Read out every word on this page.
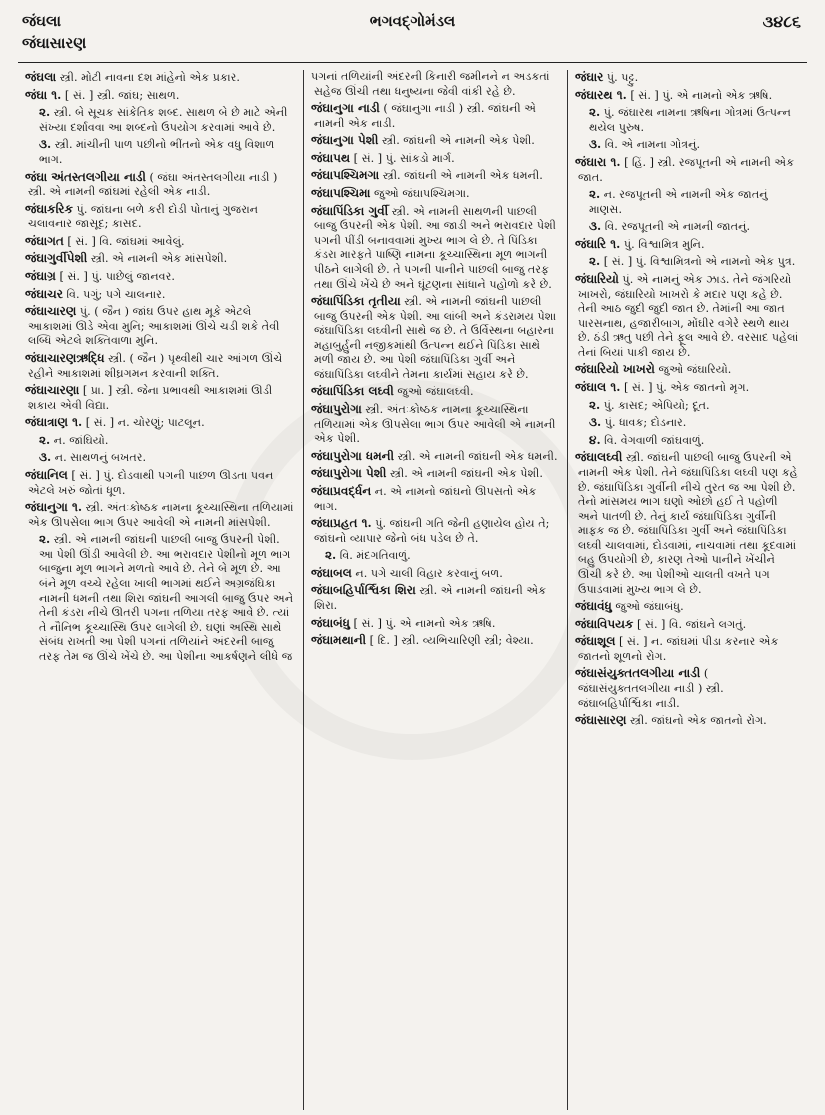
જંઘલા
જંઘાસારણ
ભગવદ્ગોમંડલ	૩૪૮૬
જંઘલા સ્ત્રી. મોટી નાવના દશ માંહેનો એક પ્રકાર.
જંઘા ૧. [ સં. ] સ્ત્રી. જાંઘ; સાથળ.
૨. સ્ત્રી. બે સૂચક સાંકેતિક શબ્દ. સાથળ બે છે માટે એની સંખ્યા દર્શાવવા આ શબ્દનો ઉપયોગ કરવામાં આવે છે.
૩. સ્ત્રી. માંચીની પાળ પછીનો ભીંતનો એક વધુ વિશાળ ભાગ.
જંઘા અંતસ્તલગીયા નાડી ( જંઘા અંતસ્તલગીયા નાડી ) સ્ત્રી. એ નામની જાંઘમાં રહેલી એક નાડી.
જંઘાકરિક પું. જાંઘના બળે કરી દોડી પોતાનું ગુજરાન ચલાવનાર જાસૂદ; કાસદ.
જંઘાગત [ સં. ] વિ. જાંઘમાં આવેલું.
જંઘાગુર્વીપેશી સ્ત્રી. એ નામની એક માંસપેશી.
જંઘાગ્ર [ સં. ] પું. પાછેલું જાનવર.
જંઘાચર વિ. પગું; પગે ચાલનાર.
જંઘાચારણ પું. ( જૈન ) જાંઘ ઉપર હાથ મૂકે એટલે આકાશમાં ઊડે એવા મુનિ; આકાશમાં ઊંચે ચડી શકે તેવી લબ્ધિ એટલે શક્તિવાળા મુનિ.
જંઘાચારણઋદ્ધિ સ્ત્રી. ( જૈન ) પૃથ્વીથી ચાર આંગળ ઊંચે રહીને આકાશમાં શીઘ્રગમન કરવાની શક્તિ.
જંઘાચારણા [ પ્રા. ] સ્ત્રી. જેના પ્રભાવથી આકાશમાં ઊડી શકાય એવી વિદ્યા.
જંઘાત્રાણ ૧. [ સં. ] ન. ચોરણું; પાટલૂન.
૨. ન. જાંઘિયો.
૩. ન. સાથળનું બખતર.
જંઘાનિલ [ સં. ] પું. દોડવાથી પગની પાછળ ઊડતા પવન એટલે ખરું જોતાં ધૂળ.
જંઘાનુગા ૧. સ્ત્રી. અંતઃકોષ્ઠક નામના કૂચ્ચાસ્થિના તળિયામાં એક ઊપસેલા ભાગ ઉપર આવેલી એ નામની માંસપેશી.
૨. સ્ત્રી. એ નામની જાંઘની પાછલી બાજુ ઉપરની પેશી. આ પેશી ઊંડી આવેલી છે. આ ભરાવદાર પેશીનો મૂળ ભાગ બાજુના મૂળ ભાગને મળતો આવે છે. તેને બે મૂળ છે. આ બંને મૂળ વચ્ચે રહેલા ખાલી ભાગમાં થઈને અગ્રજંઘિકા નામની ધમની તથા શિરા જાંઘની આગલી બાજુ ઉપર અને તેની કંડરા નીચે ઊતરી પગના તળિયા તરફ આવે છે. ત્યાં તે નૌનિભ કૂચ્ચાસ્થિ ઉપર લાગેલી છે. ઘણાં અસ્થિ સાથે સંબંધ રાખતી આ પેશી પગનાં તળિયાંને અંદરની બાજુ તરફ તેમ જ ઊંચે ખેંચે છે. આ પેશીના આકર્ષણને લીધે જ
પગનાં તળિયાંની અંદરની કિનારી જમીનને ન અડકતાં સહેજ ઊંચી તથા ધનુષ્યના જેવી વાંકી રહે છે.
જંઘાનુગા નાડી ( જંઘાનુગા નાડી ) સ્ત્રી. જાંઘની એ નામની એક નાડી.
જંઘાનુગા પેશી સ્ત્રી. જાંઘની એ નામની એક પેશી.
જંઘાપથ [ સં. ] પું. સાંકડો માર્ગ.
જંઘાપશ્ચિમગા સ્ત્રી. જાંઘની એ નામની એક ધમની.
જંઘાપશ્ચિમા જુઓ જંઘાપશ્ચિમગા.
જંઘાપિંડિકા ગુર્વી સ્ત્રી. એ નામની સાથળની પાછલી બાજુ ઉપરની એક પેશી. આ જાડી અને ભરાવદાર પેશી પગની પીંડી બનાવવામાં મુખ્ય ભાગ લે છે. તે પિંડિકા કંડરા મારફતે પાષ્ણિ નામના કૂચ્ચાસ્થિના મૂળ ભાગની પીઠને લાગેલી છે. તે પગની પાનીને પાછલી બાજુ તરફ તથા ઊંચે ખેંચે છે અને ઘૂંટણના સાંધાને પહોળો કરે છે.
જંઘાપિંડિકા તૃતીયા સ્ત્રી. એ નામની જાંઘની પાછલી બાજુ ઉપરની એક પેશી. આ લાંબી અને કંડરામય પેશા જંઘાપિંડિકા લઘ્વીની સાથે જ છે. તે ઉર્વિસ્થના બહારના મહાબુર્હુની નજીકમાંથી ઉત્પન્ન થઈને પિંડિકા સાથે મળી જાય છે. આ પેશી જંઘાપિંડિકા ગુર્વી અને જંઘાપિંડિકા લઘ્વીને તેમના કાર્યમાં સહાય કરે છે.
જંઘાપિંડિકા લઘ્વી જુઓ જંઘાલઘ્વી.
જંઘાપુરોગા સ્ત્રી. અંતઃકોષ્ઠક નામના કૂચ્ચાસ્થિના તળિયામાં એક ઊપસેલા ભાગ ઉપર આવેલી એ નામની એક પેશી.
જંઘાપુરોગા ધમની સ્ત્રી. એ નામની જાંઘની એક ધમની.
જંઘાપુરોગા પેશી સ્ત્રી. એ નામની જાંઘની એક પેશી.
જંઘાપ્રવર્દ્ધન ન. એ નામનો જાંઘનો ઊપસતો એક ભાગ.
જંઘાપ્રહત ૧. પું. જાંઘની ગતિ જેની હણાયેલ હોય તે; જાંઘનો વ્યાપાર જેનો બંધ પડેલ છે તે.
૨. વિ. મંદગતિવાળું.
જંઘાબલ ન. પગે ચાલી વિહાર કરવાનું બળ.
જંઘાબહિર્પાર્શ્વિકા શિરા સ્ત્રી. એ નામની જાંઘની એક શિરા.
જંઘાબંધુ [ સં. ] પું. એ નામનો એક ઋષિ.
જંઘામથાની [ દિ. ] સ્ત્રી. વ્યભિચારિણી સ્ત્રી; વેશ્યા.
જંઘાર પું. પટ્ટુ.
જંઘારથ ૧. [ સં. ] પું. એ નામનો એક ઋષિ.
૨. પું. જંઘારથ નામના ઋષિના ગોત્રમાં ઉત્પન્ન થયેલ પુરુષ.
૩. વિ. એ નામના ગોત્રનું.
જંઘારા ૧. [ હિં. ] સ્ત્રી. રજપૂતની એ નામની એક જાત.
૨. ન. રજપૂતની એ નામની એક જાતનું માણસ.
૩. વિ. રજપૂતની એ નામની જાતનું.
જંઘારિ ૧. પું. વિશ્વામિત્ર મુનિ.
૨. [ સં. ] પું. વિશ્વામિત્રનો એ નામનો એક પુત્ર.
જંઘારિયો પું. એ નામનું એક ઝાડ. તેને જંગરિયો ખાખરો, જંઘારિયો ખાખરો કે મદાર પણ કહે છે. તેની આઠ જુદી જુદી જાત છે. તેમાંની આ જાત પારસનાથ, હજારીબાગ, મોંઘીર વગેરે સ્થળે થાય છે. ઠંડી ઋતુ પછી તેને ફૂલ આવે છે. વરસાદ પહેલાં તેનાં બિયાં પાકી જાય છે.
જંઘારિયો ખાખરો જુઓ જંઘારિયો.
જંઘાલ ૧. [ સં. ] પું. એક જાતનો મૃગ.
૨. પું. કાસદ; એપિયો; દૂત.
૩. પું. ધાવક; દોડનાર.
૪. વિ. વેગવાળી જાંઘવાળું.
જંઘાલઘ્વી સ્ત્રી. જાંઘની પાછલી બાજુ ઉપરની એ નામની એક પેશી. તેને જંઘાપિંડિકા લઘ્વી પણ કહે છે. જંઘાપિંડિકા ગુર્વીની નીચે તુરત જ આ પેશી છે. તેનો માંસમય ભાગ ઘણો ઓછો હઈ તે પહોળી અને પાતળી છે. તેનું કાર્ય જંઘાપિંડિકા ગુર્વીની માફક જ છે. જંઘાપિંડિકા ગુર્વી અને જંઘાપિંડિકા લઘ્વી ચાલવામાં, દોડવામાં, નાચવામાં તથા કૂદવામાં બહુ ઉપયોગી છે, કારણ તેઓ પાનીને ખેંચીને ઊંચી કરે છે. આ પેશીઓ ચાલતી વખતે પગ ઉપાડવામાં મુખ્ય ભાગ લે છે.
જંઘાવંધુ જુઓ જંઘાબંધુ.
જંઘાવિપયક [ સં. ] વિ. જાંઘને લગતું.
જંઘાશૂલ [ સં. ] ન. જાંઘમાં પીડા કરનાર એક જાતનો શૂળનો રોગ.
જંઘાસંયુક્તતલગીયા નાડી ( જંઘાસંયુક્તતલગીયા નાડી ) સ્ત્રી. જંઘાબહિર્પાર્શ્વિકા નાડી.
જંઘાસારણ સ્ત્રી. જાંઘનો એક જાતનો રોગ.
